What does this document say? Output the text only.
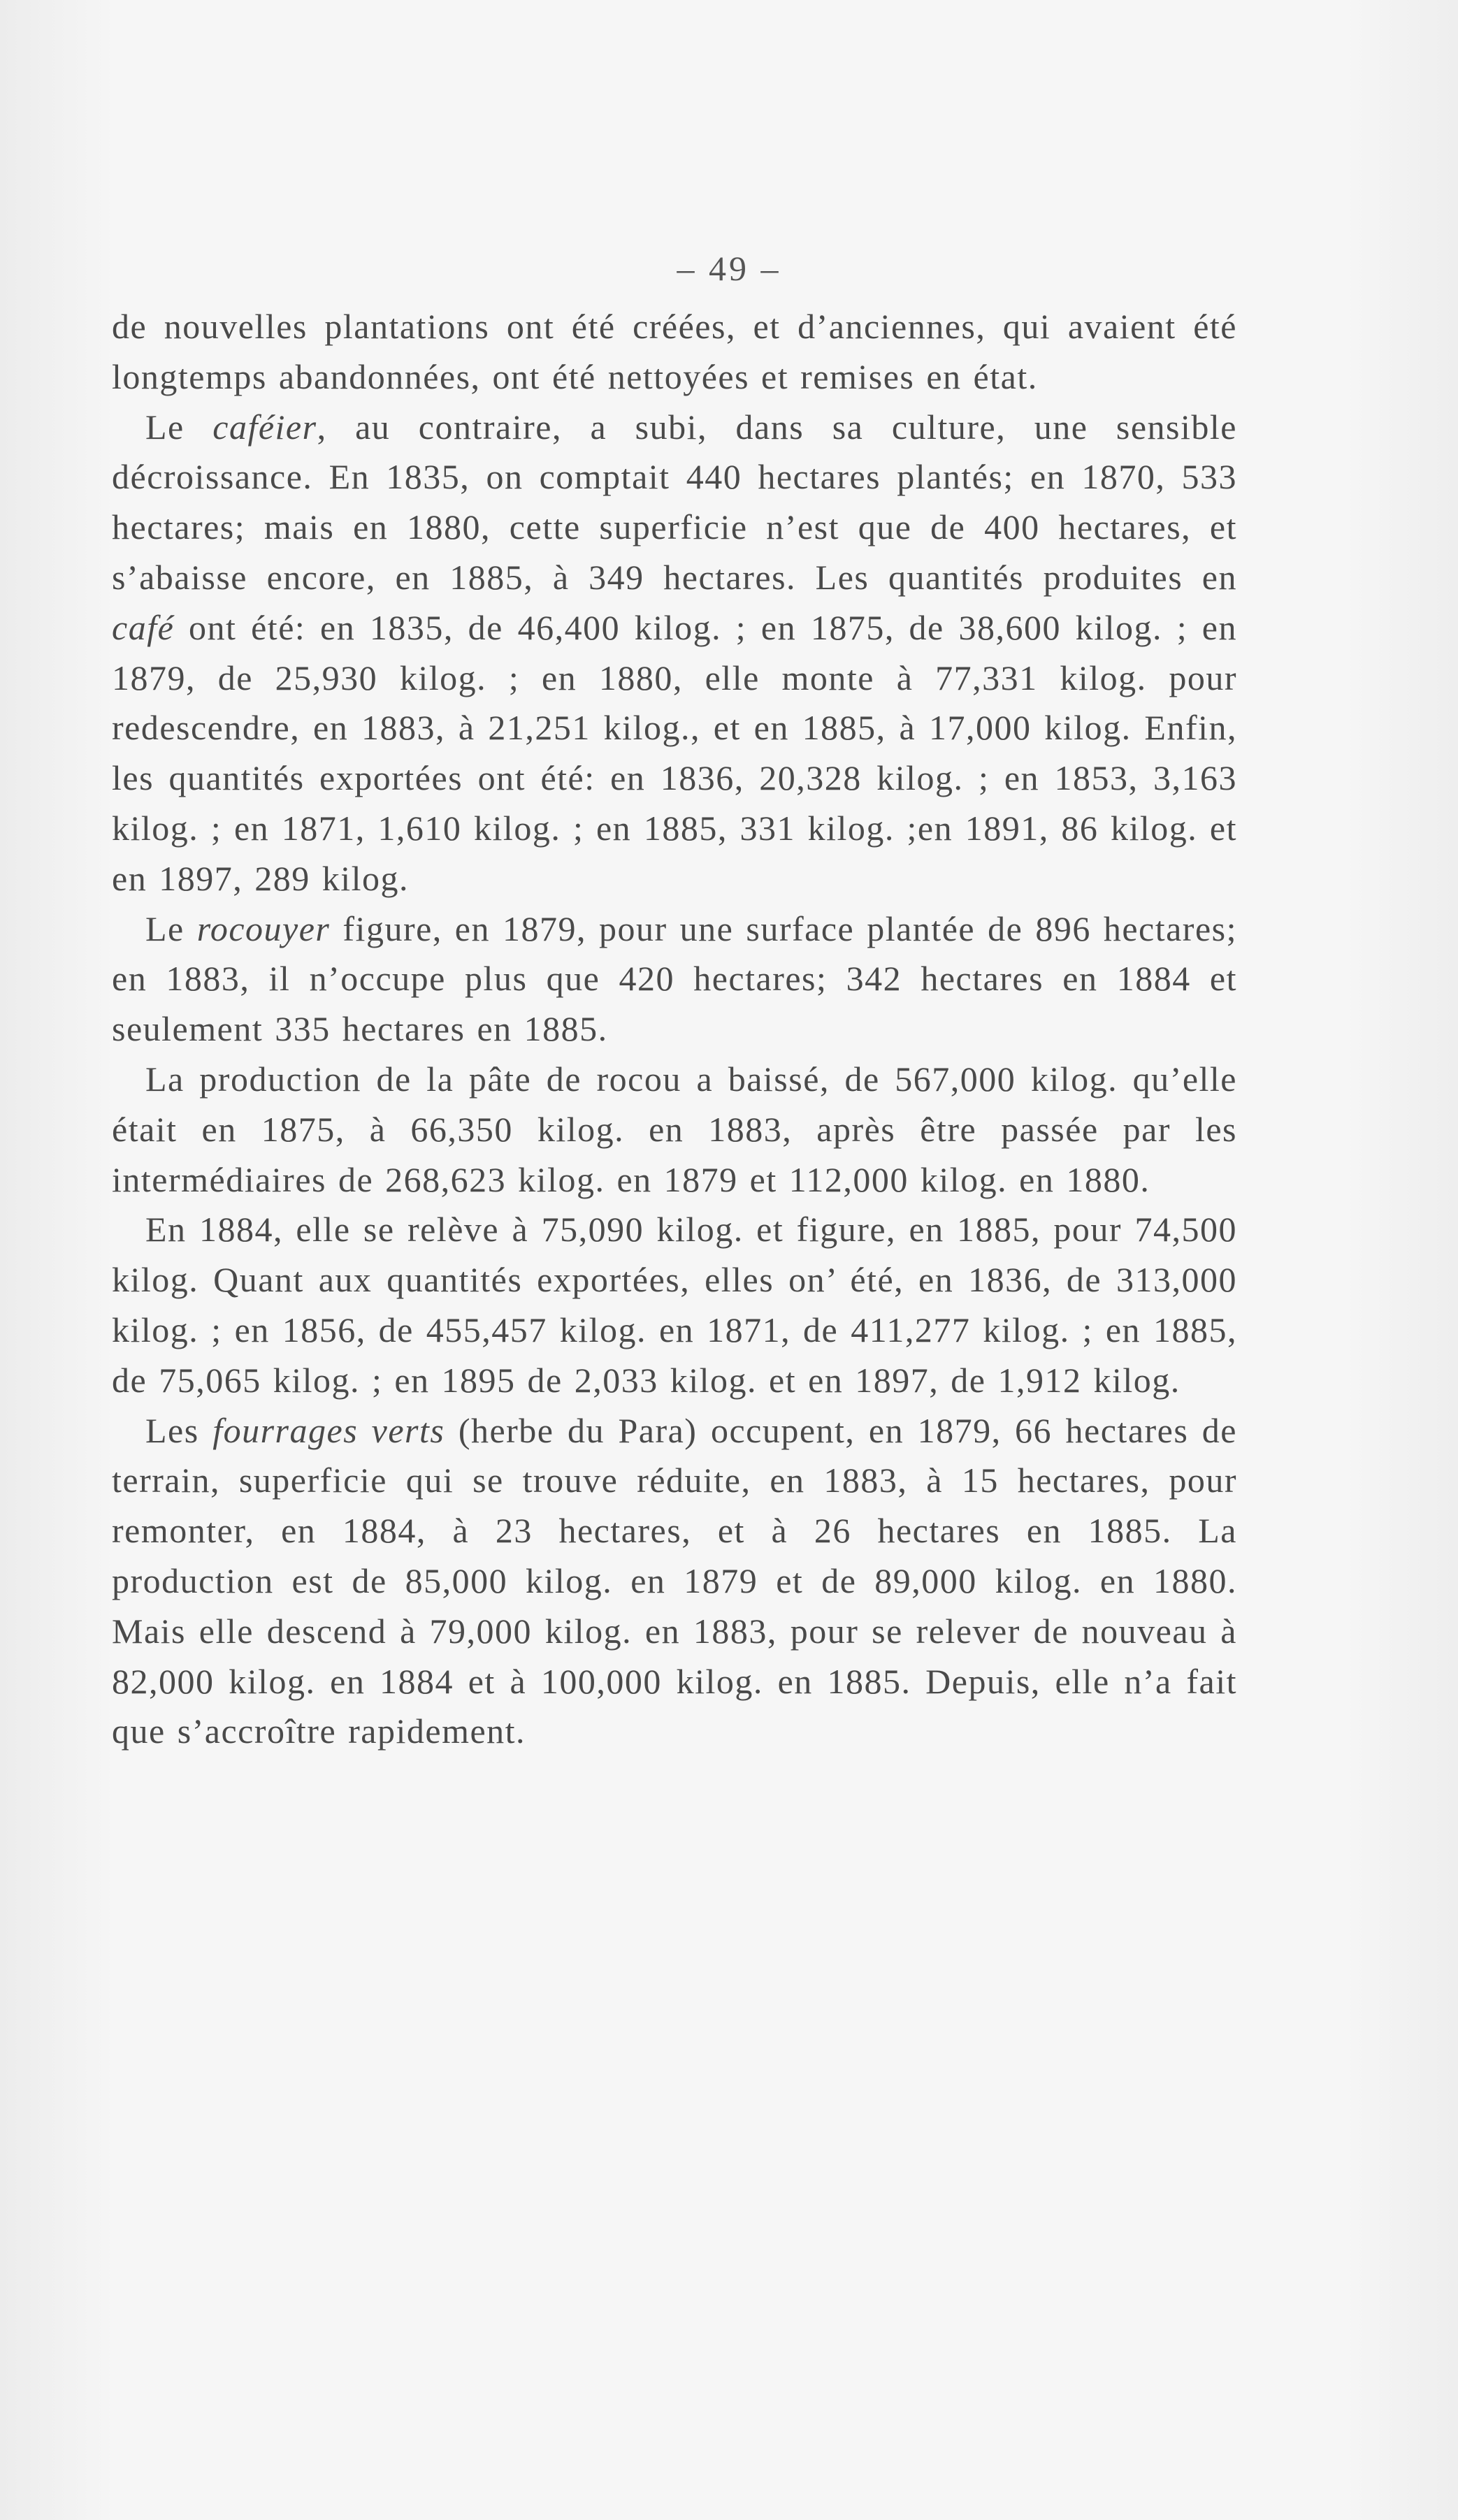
– 49 –

de nouvelles plantations ont été créées, et d’anciennes, qui avaient été longtemps abandonnées, ont été nettoyées et remises en état.

Le caféier, au contraire, a subi, dans sa culture, une sensible décroissance. En 1835, on comptait 440 hectares plantés; en 1870, 533 hectares; mais en 1880, cette superficie n’est que de 400 hectares, et s’abaisse encore, en 1885, à 349 hectares. Les quantités produites en café ont été: en 1835, de 46,400 kilog. ; en 1875, de 38,600 kilog. ; en 1879, de 25,930 kilog. ; en 1880, elle monte à 77,331 kilog. pour redescendre, en 1883, à 21,251 kilog., et en 1885, à 17,000 kilog. Enfin, les quantités exportées ont été: en 1836, 20,328 kilog. ; en 1853, 3,163 kilog. ; en 1871, 1,610 kilog. ; en 1885, 331 kilog. ;en 1891, 86 kilog. et en 1897, 289 kilog.

Le rocouyer figure, en 1879, pour une surface plantée de 896 hectares; en 1883, il n’occupe plus que 420 hectares; 342 hectares en 1884 et seulement 335 hectares en 1885.

La production de la pâte de rocou a baissé, de 567,000 kilog. qu’elle était en 1875, à 66,350 kilog. en 1883, après être passée par les intermédiaires de 268,623 kilog. en 1879 et 112,000 kilog. en 1880.

En 1884, elle se relève à 75,090 kilog. et figure, en 1885, pour 74,500 kilog. Quant aux quantités exportées, elles on’ été, en 1836, de 313,000 kilog. ; en 1856, de 455,457 kilog. en 1871, de 411,277 kilog. ; en 1885, de 75,065 kilog. ; en 1895 de 2,033 kilog. et en 1897, de 1,912 kilog.

Les fourrages verts (herbe du Para) occupent, en 1879, 66 hectares de terrain, superficie qui se trouve réduite, en 1883, à 15 hectares, pour remonter, en 1884, à 23 hectares, et à 26 hectares en 1885. La production est de 85,000 kilog. en 1879 et de 89,000 kilog. en 1880. Mais elle descend à 79,000 kilog. en 1883, pour se relever de nouveau à 82,000 kilog. en 1884 et à 100,000 kilog. en 1885. Depuis, elle n’a fait que s’accroître rapidement.
